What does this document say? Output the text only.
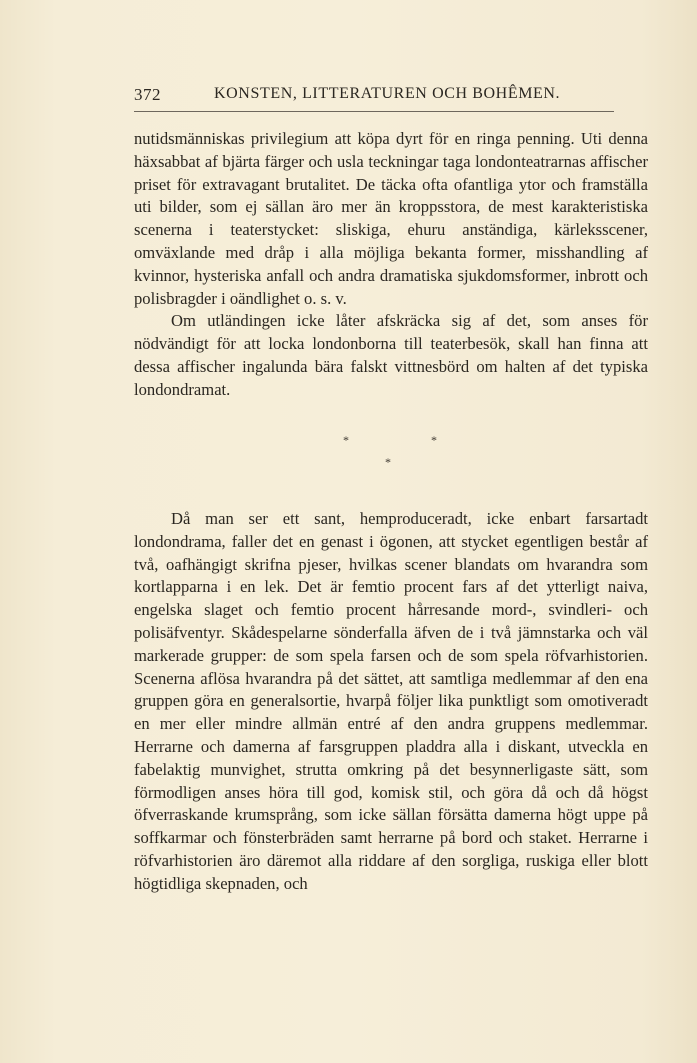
372	KONSTEN, LITTERATUREN OCH BOHÊMEN.

nutidsmänniskas privilegium att köpa dyrt för en ringa penning. Uti denna häxsabbat af bjärta färger och usla teckningar taga londonteatrarnas affischer priset för extravagant brutalitet. De täcka ofta ofantliga ytor och framställa uti bilder, som ej sällan äro mer än kroppsstora, de mest karakteristiska scenerna i teaterstycket: sliskiga, ehuru anständiga, kärleksscener, omväxlande med dråp i alla möjliga bekanta former, misshandling af kvinnor, hysteriska anfall och andra dramatiska sjukdomsformer, inbrott och polisbragder i oändlighet o. s. v.

Om utländingen icke låter afskräcka sig af det, som anses för nödvändigt för att locka londonborna till teaterbesök, skall han finna att dessa affischer ingalunda bära falskt vittnesbörd om halten af det typiska londondramat.

*	*
*

Då man ser ett sant, hemproduceradt, icke enbart farsartadt londondrama, faller det en genast i ögonen, att stycket egentligen består af två, oafhängigt skrifna pjeser, hvilkas scener blandats om hvarandra som kortlapparna i en lek. Det är femtio procent fars af det ytterligt naiva, engelska slaget och femtio procent hårresande mord-, svindleri- och polisäfventyr. Skådespelarne sönderfalla äfven de i två jämnstarka och väl markerade grupper: de som spela farsen och de som spela röfvarhistorien. Scenerna aflösa hvarandra på det sättet, att samtliga medlemmar af den ena gruppen göra en generalsortie, hvarpå följer lika punktligt som omotiveradt en mer eller mindre allmän entré af den andra gruppens medlemmar. Herrarne och damerna af farsgruppen pladdra alla i diskant, utveckla en fabelaktig munvighet, strutta omkring på det besynnerligaste sätt, som förmodligen anses höra till god, komisk stil, och göra då och då högst öfverraskande krumsprång, som icke sällan försätta damerna högt uppe på soffkarmar och fönsterbräden samt herrarne på bord och staket. Herrarne i röfvarhistorien äro däremot alla riddare af den sorgliga, ruskiga eller blott högtidliga skepnaden, och
